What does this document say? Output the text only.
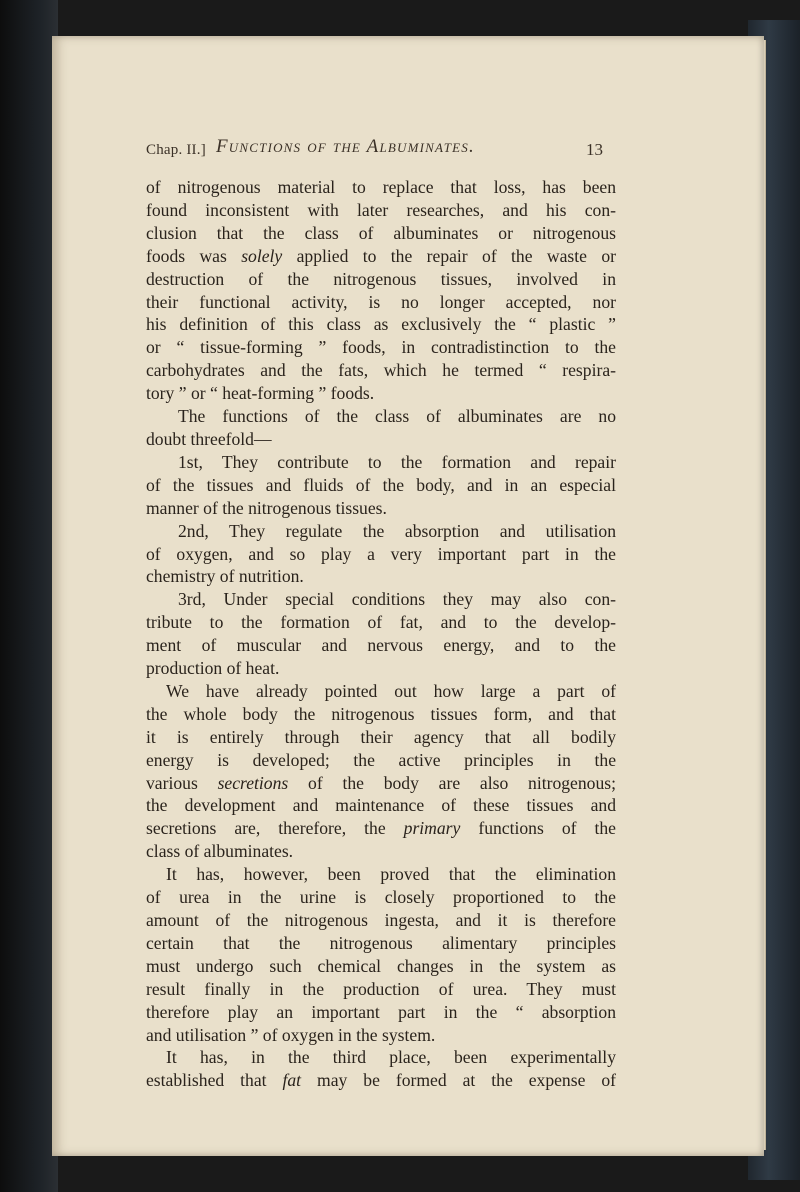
Chap. II.] Functions of the Albuminates.	13
of nitrogenous material to replace that loss, has been
found inconsistent with later researches, and his con-
clusion that the class of albuminates or nitrogenous
foods was solely applied to the repair of the waste or
destruction of the nitrogenous tissues, involved in
their functional activity, is no longer accepted, nor
his definition of this class as exclusively the “ plastic ”
or “ tissue-forming ” foods, in contradistinction to the
carbohydrates and the fats, which he termed “ respira-
tory ” or “ heat-forming ” foods.
The functions of the class of albuminates are no
doubt threefold—
1st, They contribute to the formation and repair
of the tissues and fluids of the body, and in an especial
manner of the nitrogenous tissues.
2nd, They regulate the absorption and utilisation
of oxygen, and so play a very important part in the
chemistry of nutrition.
3rd, Under special conditions they may also con-
tribute to the formation of fat, and to the develop-
ment of muscular and nervous energy, and to the
production of heat.
We have already pointed out how large a part of
the whole body the nitrogenous tissues form, and that
it is entirely through their agency that all bodily
energy is developed; the active principles in the
various secretions of the body are also nitrogenous;
the development and maintenance of these tissues and
secretions are, therefore, the primary functions of the
class of albuminates.
It has, however, been proved that the elimination
of urea in the urine is closely proportioned to the
amount of the nitrogenous ingesta, and it is therefore
certain that the nitrogenous alimentary principles
must undergo such chemical changes in the system as
result finally in the production of urea. They must
therefore play an important part in the “ absorption
and utilisation ” of oxygen in the system.
It has, in the third place, been experimentally
established that fat may be formed at the expense of
